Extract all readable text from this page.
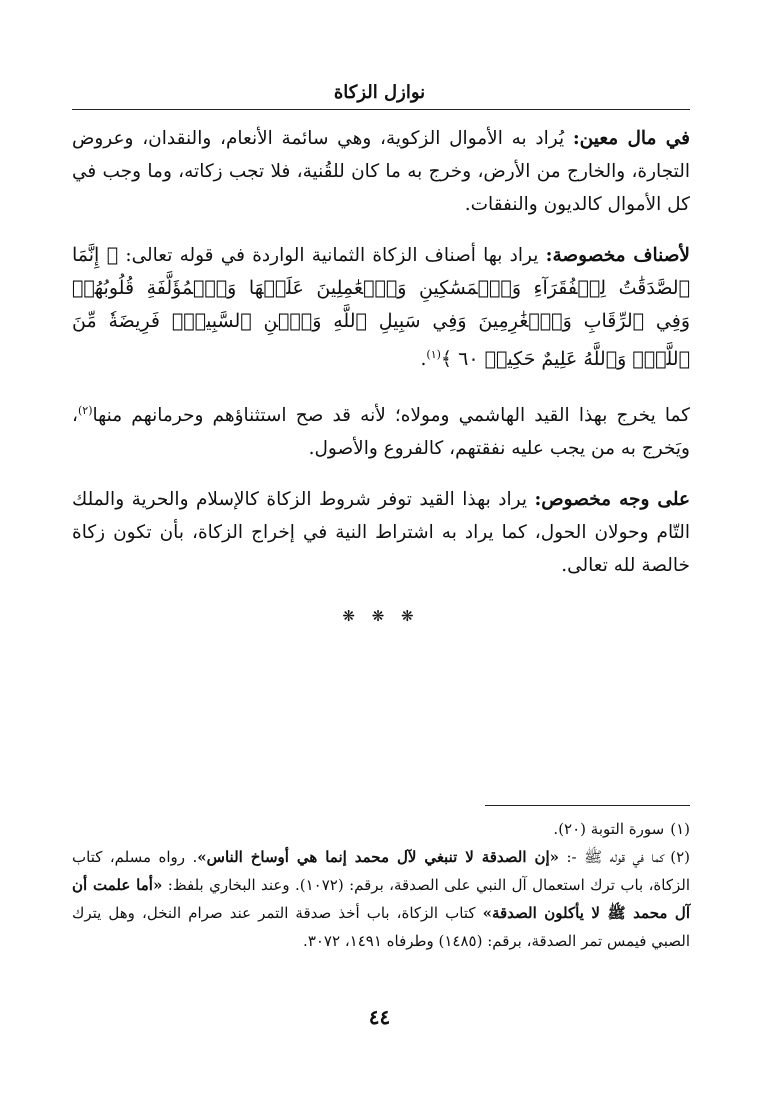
نوازل الزكاة

في مال معين: يُراد به الأموال الزكوية، وهي سائمة الأنعام، والنقدان، وعروض التجارة، والخارج من الأرض، وخرج به ما كان للقُنية، فلا تجب زكاته، وما وجب في كل الأموال كالديون والنفقات.

لأصناف مخصوصة: يراد بها أصناف الزكاة الثمانية الواردة في قوله تعالى: ﴿ إِنَّمَا ٱلصَّدَقَٰتُ لِلۡفُقَرَآءِ وَٱلۡمَسَٰكِينِ وَٱلۡعَٰمِلِينَ عَلَيۡهَا وَٱلۡمُؤَلَّفَةِ قُلُوبُهُمۡ وَفِي ٱلرِّقَابِ وَٱلۡغَٰرِمِينَ وَفِي سَبِيلِ ٱللَّهِ وَٱبۡنِ ٱلسَّبِيلِۖ فَرِيضَةٗ مِّنَ ٱللَّهِۗ وَٱللَّهُ عَلِيمٌ حَكِيمٞ ٦٠ ﴾$^{(١)}$.

كما يخرج بهذا القيد الهاشمي ومولاه؛ لأنه قد صح استثناؤهم وحرمانهم منها$^{(٢)}$، ويَخرج به من يجب عليه نفقتهم، كالفروع والأصول.

على وجه مخصوص: يراد بهذا القيد توفر شروط الزكاة كالإسلام والحرية والملك التّام وحولان الحول، كما يراد به اشتراط النية في إخراج الزكاة، بأن تكون زكاة خالصة لله تعالى.

❋ ❋ ❋

(١)سورة التوبة (٢٠).

(٢)كما في قوله ﷺ -: «إن الصدقة لا تنبغي لآل محمد إنما هي أوساخ الناس». رواه مسلم، كتاب الزكاة، باب ترك استعمال آل النبي على الصدقة، برقم: (١٠٧٢). وعند البخاري بلفظ: «أما علمت أن آل محمد ﷺ لا يأكلون الصدقة» كتاب الزكاة، باب أخذ صدقة التمر عند صرام النخل، وهل يترك الصبي فيمس تمر الصدقة، برقم: (١٤٨٥) وطرفاه ١٤٩١، ٣٠٧٢.

٤٤
